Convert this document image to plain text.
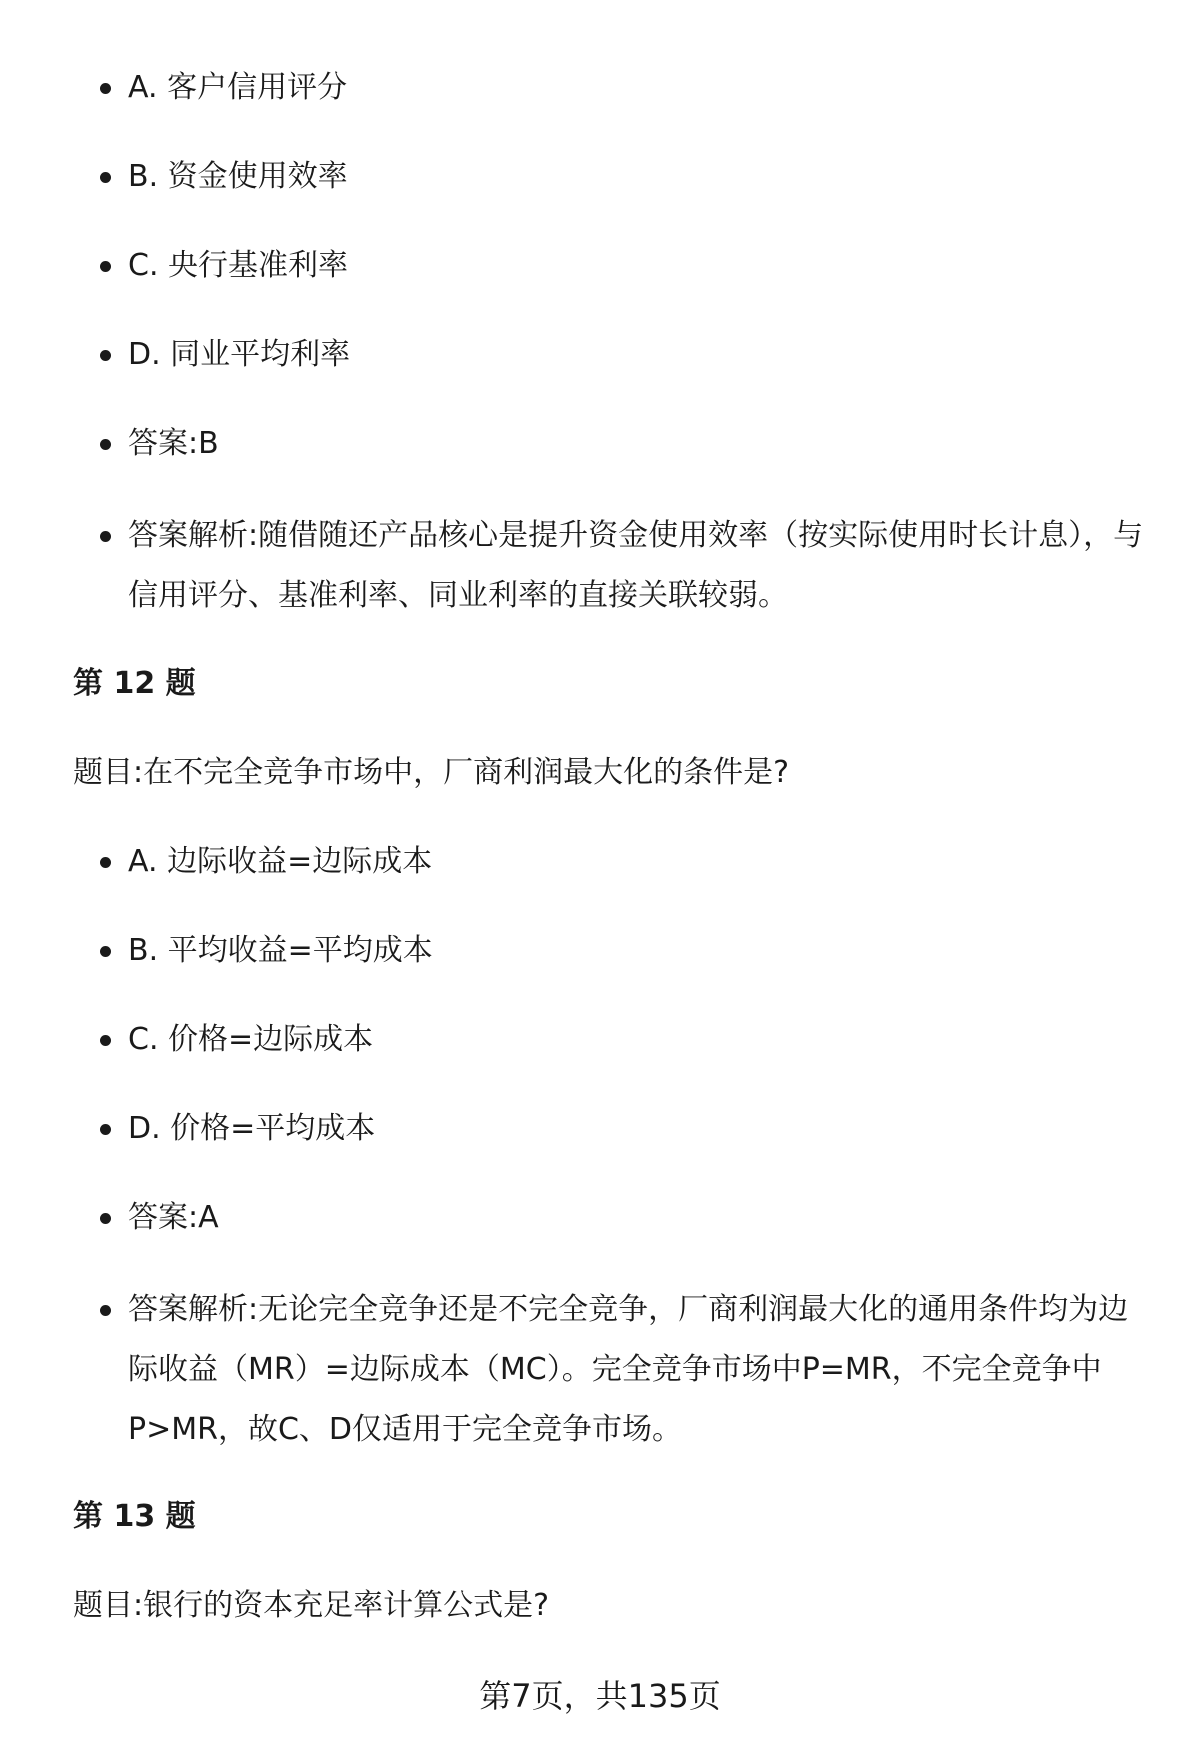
A. 客户信用评分
B. 资金使用效率
C. 央行基准利率
D. 同业平均利率
答案:B
答案解析:随借随还产品核心是提升资金使用效率（按实际使用时长计息），与信用评分、基准利率、同业利率的直接关联较弱。
第 12 题

题目:在不完全竞争市场中，厂商利润最大化的条件是?

A. 边际收益=边际成本
B. 平均收益=平均成本
C. 价格=边际成本
D. 价格=平均成本
答案:A
答案解析:无论完全竞争还是不完全竞争，厂商利润最大化的通用条件均为边际收益（MR）=边际成本（MC）。完全竞争市场中P=MR，不完全竞争中P>MR，故C、D仅适用于完全竞争市场。
第 13 题

题目:银行的资本充足率计算公式是?

第7页，共135页
